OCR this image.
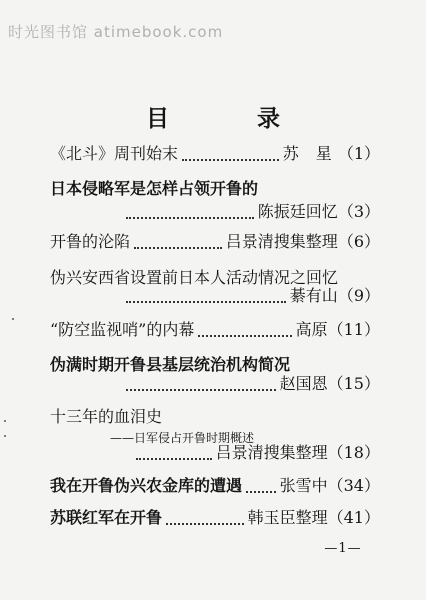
时光图书馆 atimebook.com
目 录
《北斗》周刊始末	苏 星 （1）
日本侵略军是怎样占领开鲁的
陈振廷回忆 （3）
开鲁的沦陷	吕景清搜集整理 （6）
伪兴安西省设置前日本人活动情况之回忆
綦有山 （9）
“防空监视哨”的内幕	高原 （11）
伪满时期开鲁县基层统治机构简况
赵国恩 （15）
十三年的血泪史
——日军侵占开鲁时期概述
吕景清搜集整理 （18）
我在开鲁伪兴农金库的遭遇 张雪中 （34）
苏联红军在开鲁	韩玉臣整理 （41）
—1—
